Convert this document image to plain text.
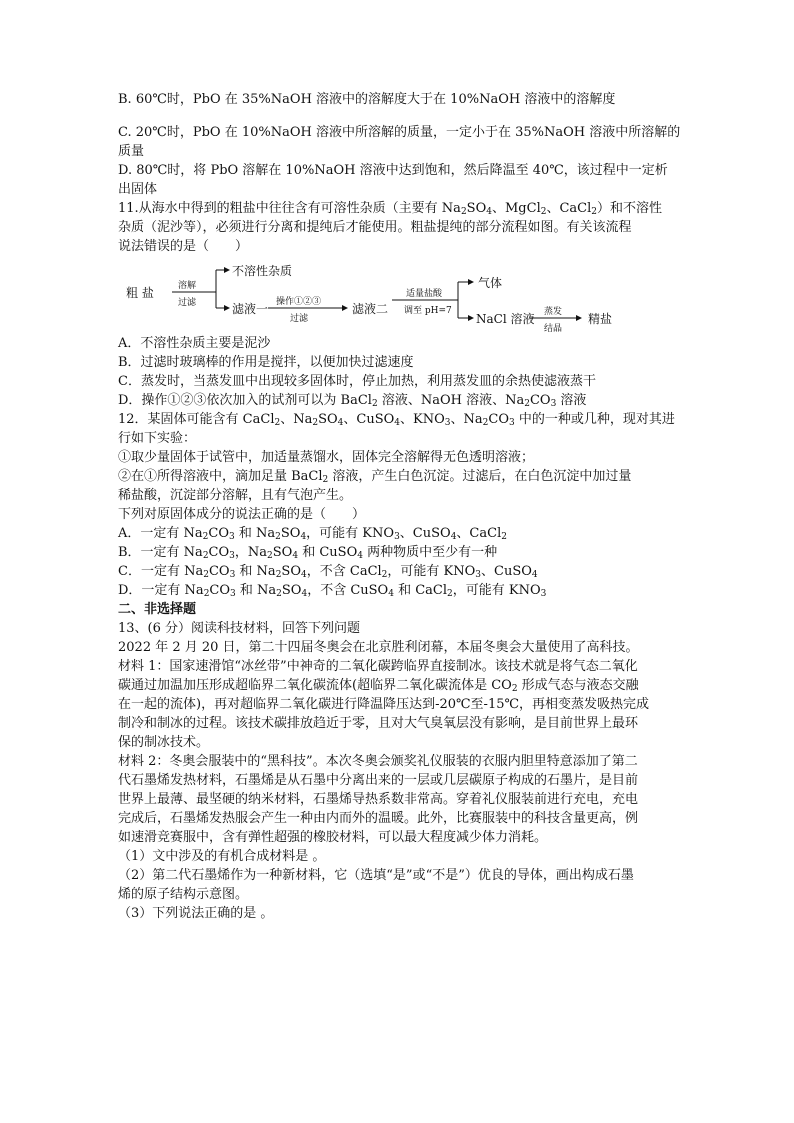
B. 60℃时，PbO 在 35%NaOH 溶液中的溶解度大于在 10%NaOH 溶液中的溶解度
C. 20℃时，PbO 在 10%NaOH 溶液中所溶解的质量，一定小于在 35%NaOH 溶液中所溶解的
质量
D. 80℃时，将 PbO 溶解在 10%NaOH 溶液中达到饱和，然后降温至 40℃，该过程中一定析
出固体
11.从海水中得到的粗盐中往往含有可溶性杂质（主要有 $Na_2SO_4$、MgCl$_2$、CaCl$_2$）和不溶性
杂质（泥沙等），必须进行分离和提纯后才能使用。粗盐提纯的部分流程如图。有关该流程
说法错误的是（　　）
粗 盐	溶解
过滤
不溶性杂质
滤液一 操作①②③
过滤
滤液二
适量盐酸
调至 pH=7
气体
NaCl 溶液 蒸发
结晶
精盐
A．不溶性杂质主要是泥沙
B．过滤时玻璃棒的作用是搅拌，以便加快过滤速度
C．蒸发时，当蒸发皿中出现较多固体时，停止加热，利用蒸发皿的余热使滤液蒸干
D．操作①②③依次加入的试剂可以为 BaCl$_2$ 溶液、NaOH 溶液、$Na_2CO_3$ 溶液
12．某固体可能含有 CaCl$_2$、$Na_2SO_4$、CuSO$_4$、$KNO_3$、$Na_2CO_3$ 中的一种或几种，现对其进
行如下实验：
①取少量固体于试管中，加适量蒸馏水，固体完全溶解得无色透明溶液；
②在①所得溶液中，滴加足量 BaCl$_2$ 溶液，产生白色沉淀。过滤后，在白色沉淀中加过量
稀盐酸，沉淀部分溶解，且有气泡产生。
下列对原固体成分的说法正确的是（　　）
A．一定有 $Na_2CO_3$ 和 $Na_2SO_4$，可能有 $KNO_3$、CuSO$_4$、CaCl$_2$
B．一定有 $Na_2CO_3$，$Na_2SO_4$ 和 CuSO$_4$ 两种物质中至少有一种
C．一定有 $Na_2CO_3$ 和 $Na_2SO_4$，不含 CaCl$_2$，可能有 $KNO_3$、CuSO$_4$
D．一定有 $Na_2CO_3$ 和 $Na_2SO_4$，不含 CuSO$_4$ 和 CaCl$_2$，可能有 $KNO_3$
二、非选择题
13、(6 分）阅读科技材料，回答下列问题
2022 年 2 月 20 日，第二十四届冬奥会在北京胜利闭幕，本届冬奥会大量使用了高科技。
材料 1：国家速滑馆“冰丝带”中神奇的二氧化碳跨临界直接制冰。该技术就是将气态二氧化
碳通过加温加压形成超临界二氧化碳流体(超临界二氧化碳流体是 $CO_2$ 形成气态与液态交融
在一起的流体)，再对超临界二氧化碳进行降温降压达到-20℃至-15℃，再相变蒸发吸热完成
制冷和制冰的过程。该技术碳排放趋近于零，且对大气臭氧层没有影响，是目前世界上最环
保的制冰技术。
材料 2：冬奥会服装中的“黑科技”。本次冬奥会颁奖礼仪服装的衣服内胆里特意添加了第二
代石墨烯发热材料，石墨烯是从石墨中分离出来的一层或几层碳原子构成的石墨片，是目前
世界上最薄、最坚硬的纳米材料，石墨烯导热系数非常高。穿着礼仪服装前进行充电，充电
完成后，石墨烯发热服会产生一种由内而外的温暖。此外，比赛服装中的科技含量更高，例
如速滑竞赛服中，含有弹性超强的橡胶材料，可以最大程度减少体力消耗。
（1）文中涉及的有机合成材料是 。
（2）第二代石墨烯作为一种新材料，它（选填“是”或“不是”）优良的导体，画出构成石墨
烯的原子结构示意图。
（3）下列说法正确的是 。
